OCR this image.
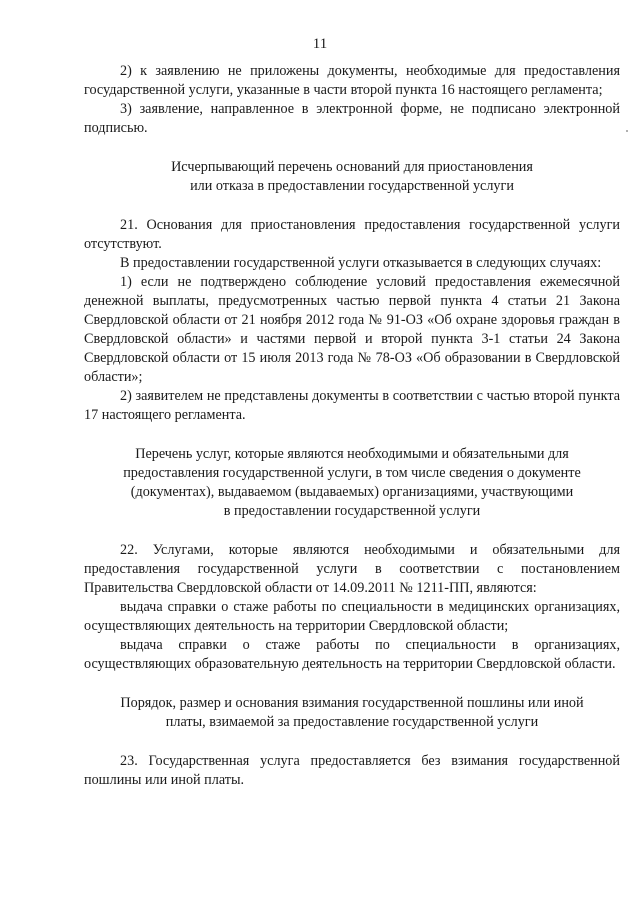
11

2) к заявлению не приложены документы, необходимые для предоставления государственной услуги, указанные в части второй пункта 16 настоящего регламента;

3) заявление, направленное в электронной форме, не подписано электронной подписью.

Исчерпывающий перечень оснований для приостановления

или отказа в предоставлении государственной услуги

21. Основания для приостановления предоставления государственной услуги отсутствуют.

В предоставлении государственной услуги отказывается в следующих случаях:

1) если не подтверждено соблюдение условий предоставления ежемесячной денежной выплаты, предусмотренных частью первой пункта 4 статьи 21 Закона Свердловской области от 21 ноября 2012 года № 91-ОЗ «Об охране здоровья граждан в Свердловской области» и частями первой и второй пункта 3-1 статьи 24 Закона Свердловской области от 15 июля 2013 года № 78-ОЗ «Об образовании в Свердловской области»;

2) заявителем не представлены документы в соответствии с частью второй пункта 17 настоящего регламента.

Перечень услуг, которые являются необходимыми и обязательными для

предоставления государственной услуги, в том числе сведения о документе

(документах), выдаваемом (выдаваемых) организациями, участвующими

в предоставлении государственной услуги

22. Услугами, которые являются необходимыми и обязательными для предоставления государственной услуги в соответствии с постановлением Правительства Свердловской области от 14.09.2011 № 1211-ПП, являются:

выдача справки о стаже работы по специальности в медицинских организациях, осуществляющих деятельность на территории Свердловской области;

выдача справки о стаже работы по специальности в организациях, осуществляющих образовательную деятельность на территории Свердловской области.

Порядок, размер и основания взимания государственной пошлины или иной

платы, взимаемой за предоставление государственной услуги

23. Государственная услуга предоставляется без взимания государственной пошлины или иной платы.
